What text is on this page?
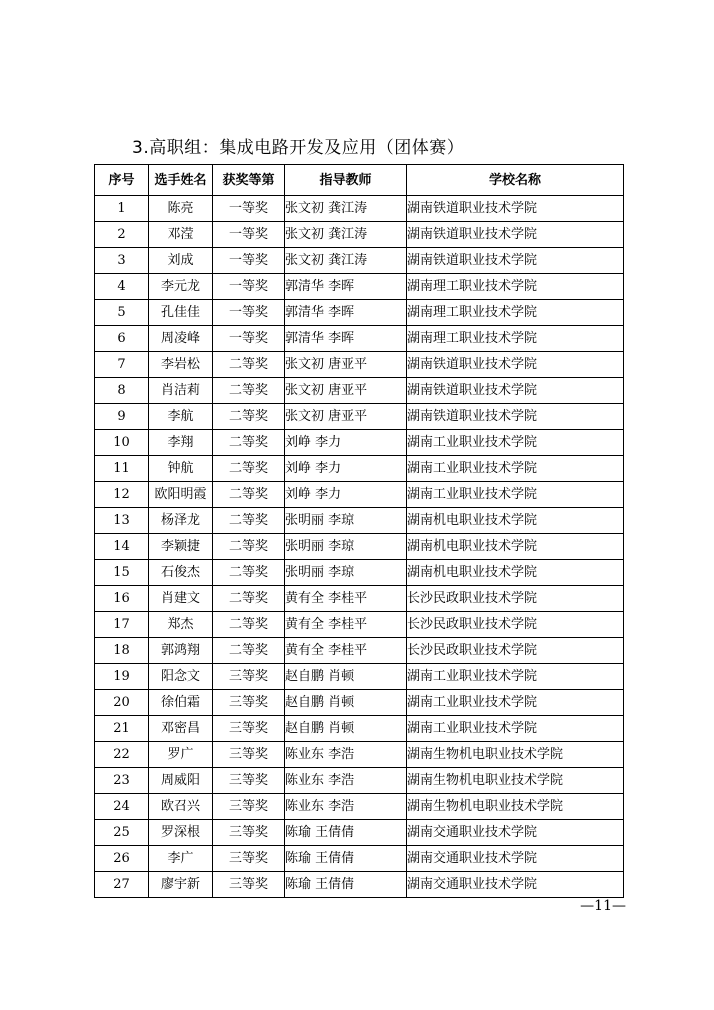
3.高职组：集成电路开发及应用（团体赛）
序号	选手姓名	获奖等第	指导教师	学校名称
1	陈亮	一等奖	张文初 龚江涛	湖南铁道职业技术学院
2	邓滢	一等奖	张文初 龚江涛	湖南铁道职业技术学院
3	刘成	一等奖	张文初 龚江涛	湖南铁道职业技术学院
4	李元龙	一等奖	郭清华 李晖	湖南理工职业技术学院
5	孔佳佳	一等奖	郭清华 李晖	湖南理工职业技术学院
6	周凌峰	一等奖	郭清华 李晖	湖南理工职业技术学院
7	李岩松	二等奖	张文初 唐亚平	湖南铁道职业技术学院
8	肖洁莉	二等奖	张文初 唐亚平	湖南铁道职业技术学院
9	李航	二等奖	张文初 唐亚平	湖南铁道职业技术学院
10	李翔	二等奖	刘峥 李力	湖南工业职业技术学院
11	钟航	二等奖	刘峥 李力	湖南工业职业技术学院
12	欧阳明霞	二等奖	刘峥 李力	湖南工业职业技术学院
13	杨泽龙	二等奖	张明丽 李琼	湖南机电职业技术学院
14	李颖捷	二等奖	张明丽 李琼	湖南机电职业技术学院
15	石俊杰	二等奖	张明丽 李琼	湖南机电职业技术学院
16	肖建文	二等奖	黄有全 李桂平	长沙民政职业技术学院
17	郑杰	二等奖	黄有全 李桂平	长沙民政职业技术学院
18	郭鸿翔	二等奖	黄有全 李桂平	长沙民政职业技术学院
19	阳念文	三等奖	赵自鹏 肖顿	湖南工业职业技术学院
20	徐伯霜	三等奖	赵自鹏 肖顿	湖南工业职业技术学院
21	邓密昌	三等奖	赵自鹏 肖顿	湖南工业职业技术学院
22	罗广	三等奖	陈业东 李浩	湖南生物机电职业技术学院
23	周威阳	三等奖	陈业东 李浩	湖南生物机电职业技术学院
24	欧召兴	三等奖	陈业东 李浩	湖南生物机电职业技术学院
25	罗深根	三等奖	陈瑜 王倩倩	湖南交通职业技术学院
26	李广	三等奖	陈瑜 王倩倩	湖南交通职业技术学院
27	廖宇新	三等奖	陈瑜 王倩倩	湖南交通职业技术学院
—11—
